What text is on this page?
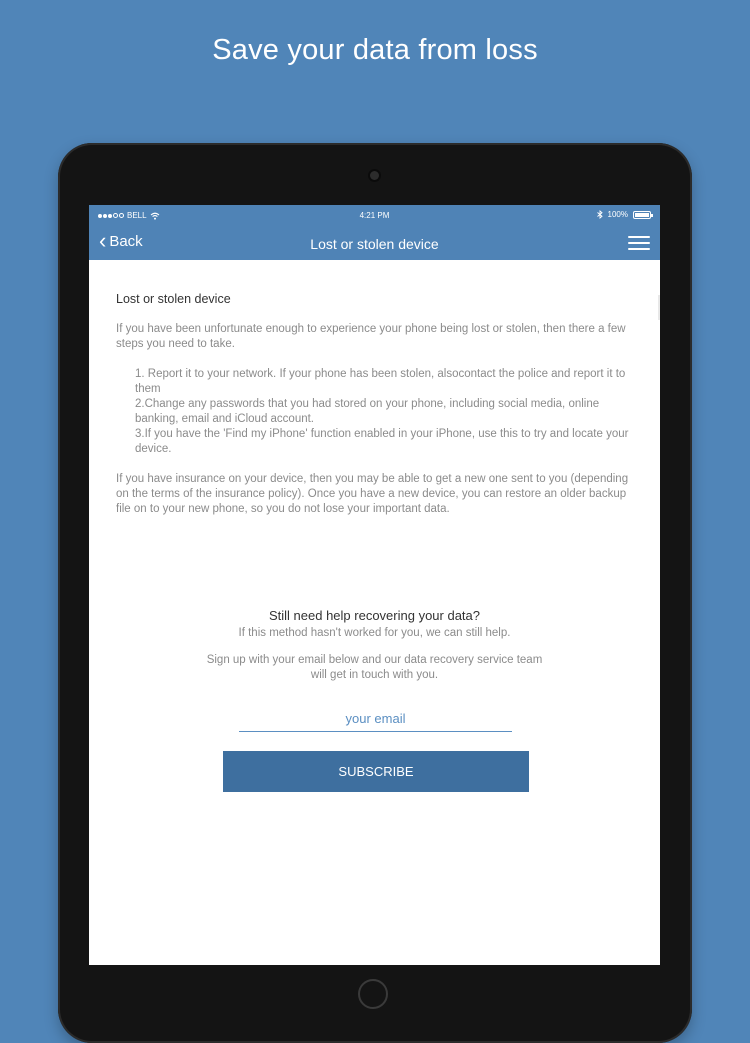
Save your data from loss
BELL	4:21 PM	100%
‹ Back	Lost or stolen device
Lost or stolen device
If you have been unfortunate enough to experience your phone being lost or stolen, then there a few steps you need to take.
1. Report it to your network. If your phone has been stolen, alsocontact the police and report it to them
2.Change any passwords that you had stored on your phone, including social media, online banking, email and iCloud account.
3.If you have the 'Find my iPhone' function enabled in your iPhone, use this to try and locate your device.
If you have insurance on your device, then you may be able to get a new one sent to you (depending on the terms of the insurance policy). Once you have a new device, you can restore an older backup file on to your new phone, so you do not lose your important data.
Still need help recovering your data?
If this method hasn't worked for you, we can still help.
Sign up with your email below and our data recovery service team will get in touch with you.
your email
SUBSCRIBE
